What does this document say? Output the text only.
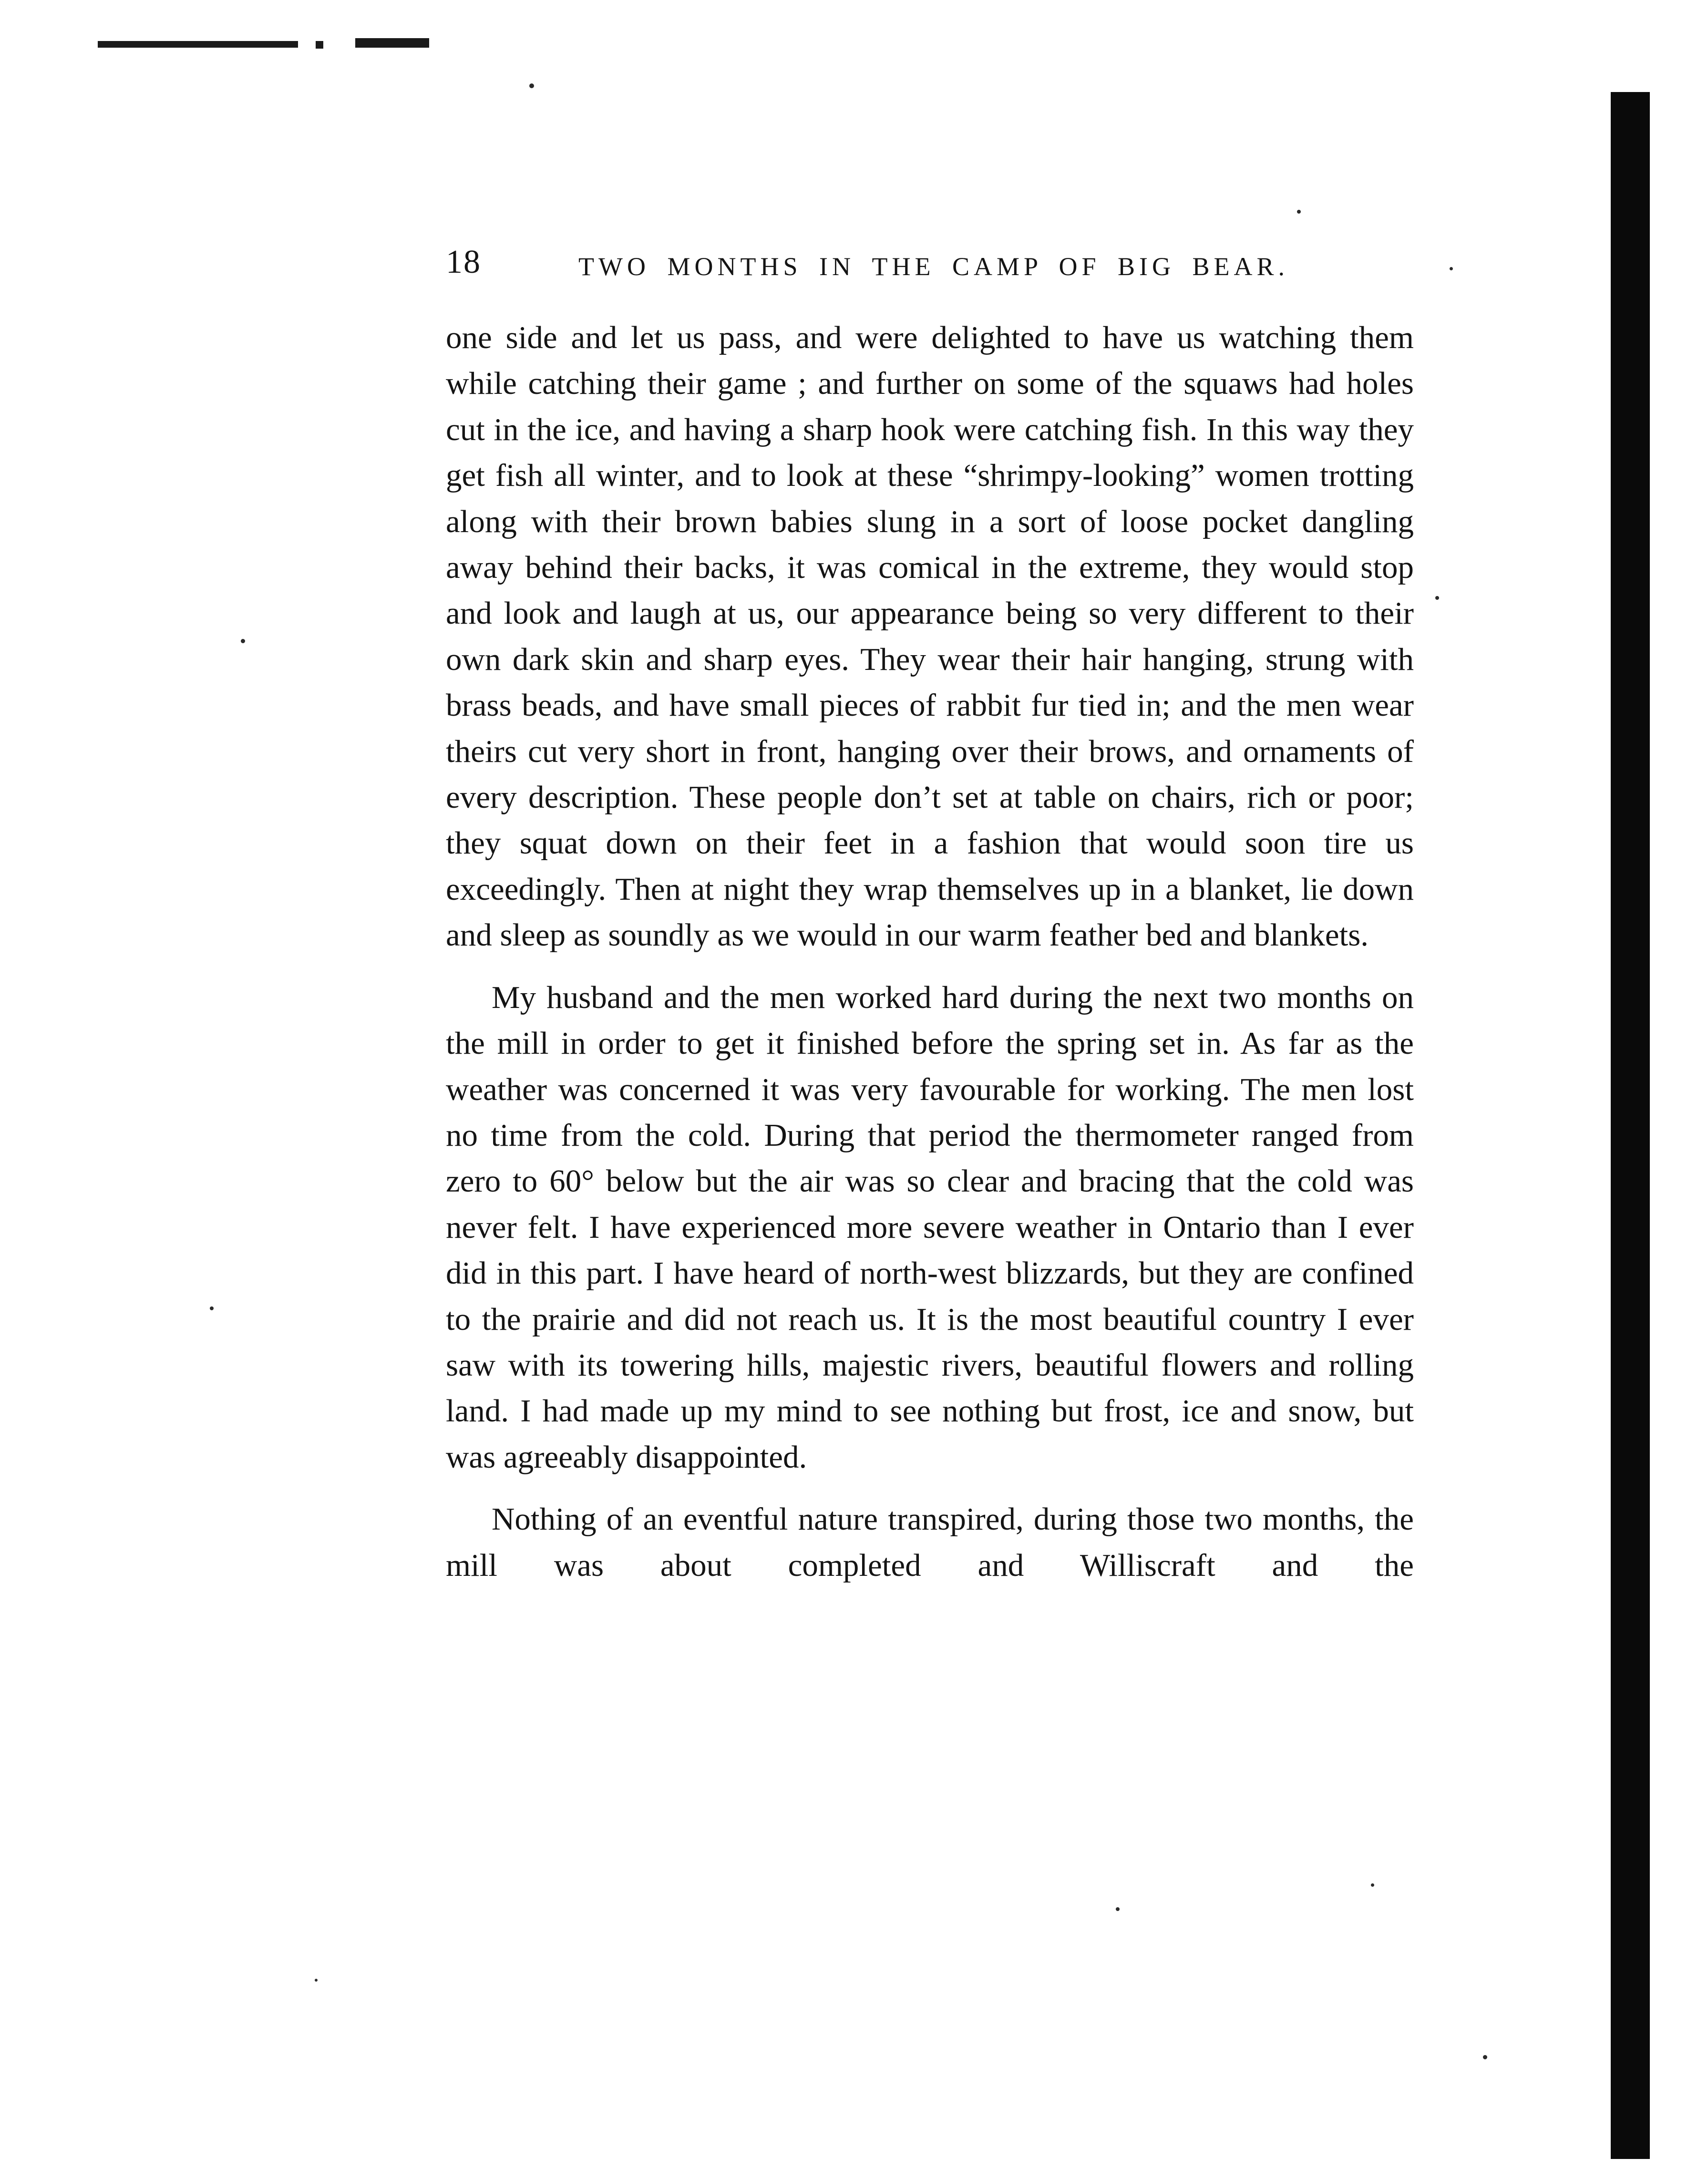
18	TWO MONTHS IN THE CAMP OF BIG BEAR.

one side and let us pass, and were delighted to have us watching them while catching their game ; and further on some of the squaws had holes cut in the ice, and having a sharp hook were catching fish. In this way they get fish all winter, and to look at these “shrimpy-looking” women trotting along with their brown babies slung in a sort of loose pocket dangling away behind their backs, it was comical in the extreme, they would stop and look and laugh at us, our appearance being so very different to their own dark skin and sharp eyes. They wear their hair hanging, strung with brass beads, and have small pieces of rabbit fur tied in; and the men wear theirs cut very short in front, hanging over their brows, and ornaments of every description. These people don’t set at table on chairs, rich or poor; they squat down on their feet in a fashion that would soon tire us exceedingly. Then at night they wrap themselves up in a blanket, lie down and sleep as soundly as we would in our warm feather bed and blankets.

My husband and the men worked hard during the next two months on the mill in order to get it finished before the spring set in. As far as the weather was concerned it was very favourable for working. The men lost no time from the cold. During that period the thermometer ranged from zero to 60° below but the air was so clear and bracing that the cold was never felt. I have experienced more severe weather in Ontario than I ever did in this part. I have heard of north-west blizzards, but they are confined to the prairie and did not reach us. It is the most beautiful country I ever saw with its towering hills, majestic rivers, beautiful flowers and rolling land. I had made up my mind to see nothing but frost, ice and snow, but was agreeably disappointed.

Nothing of an eventful nature transpired, during those two months, the mill was about completed and Williscraft and the
